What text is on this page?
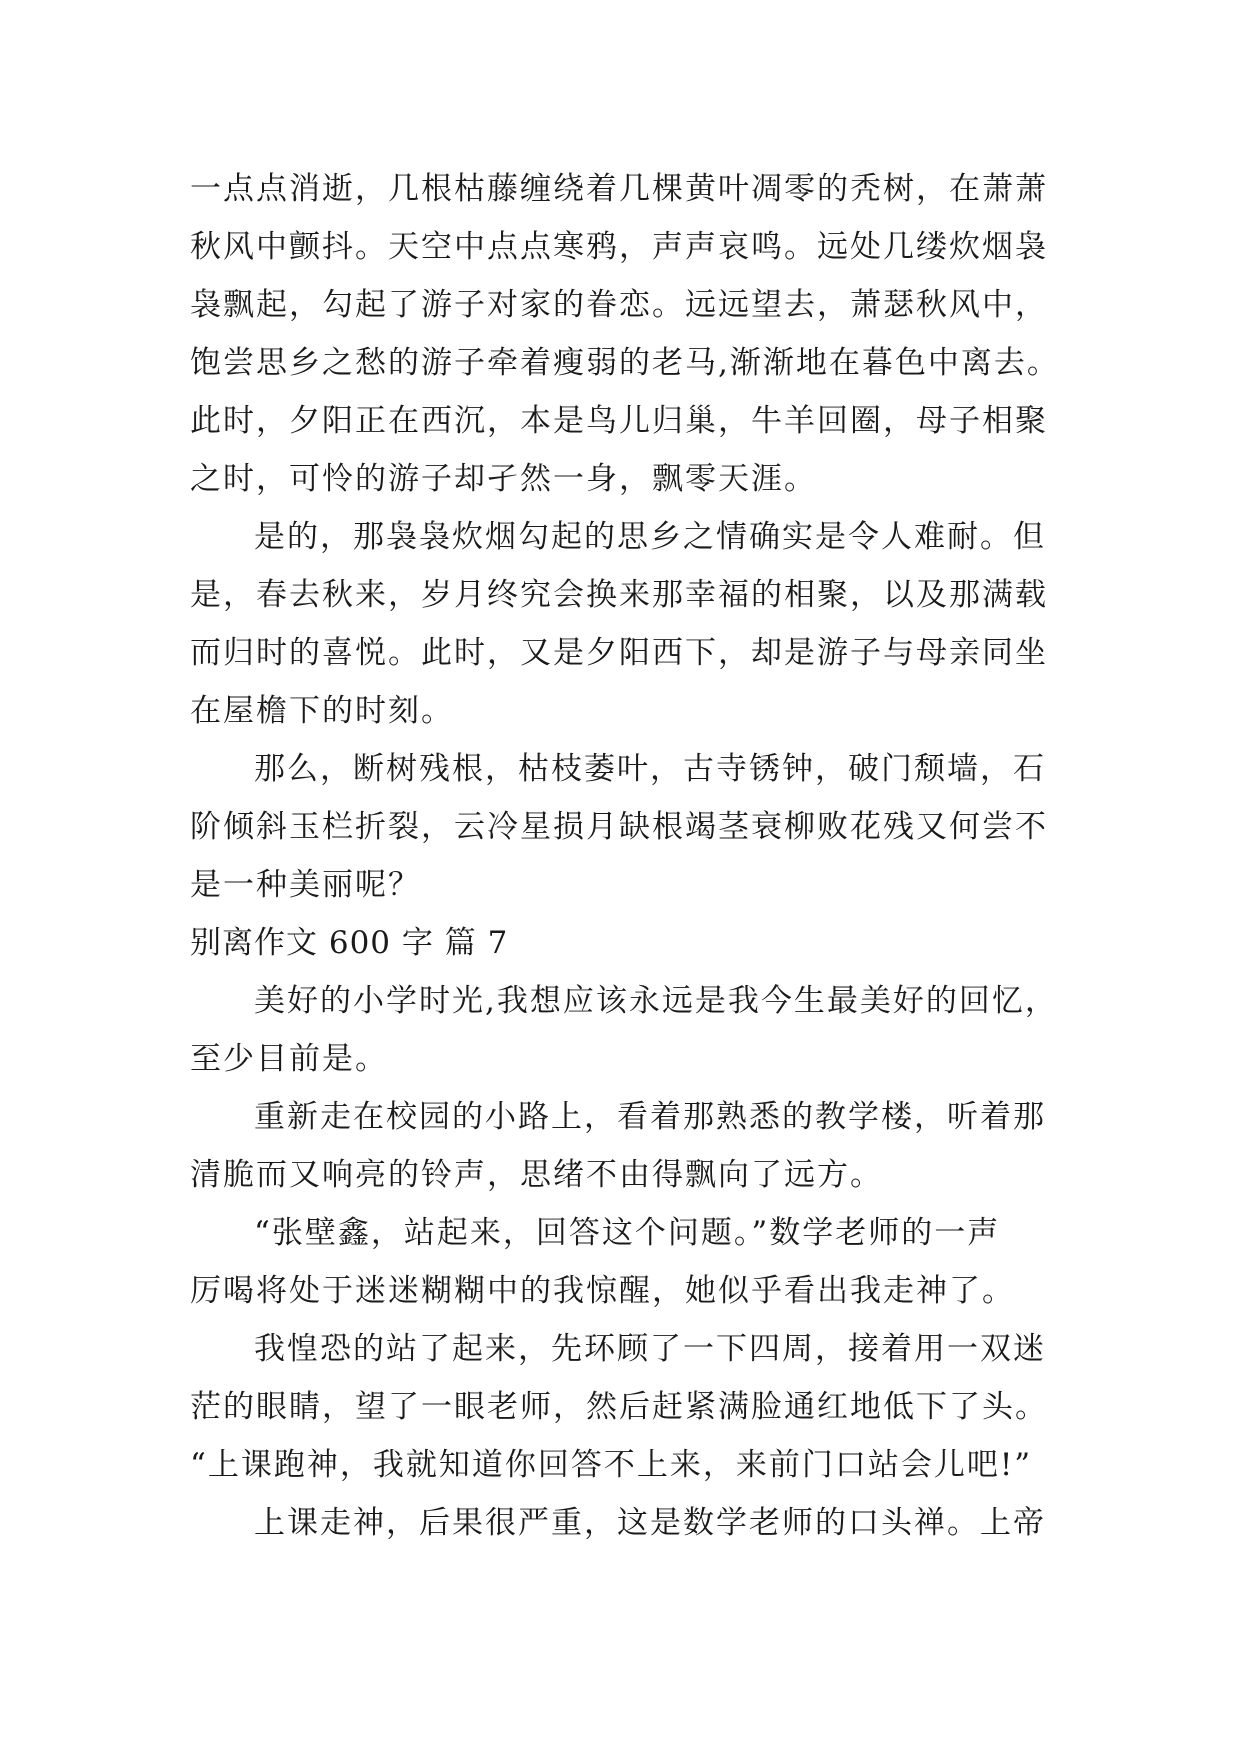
一点点消逝，几根枯藤缠绕着几棵黄叶凋零的秃树，在萧萧
秋风中颤抖。天空中点点寒鸦，声声哀鸣。远处几缕炊烟袅
袅飘起，勾起了游子对家的眷恋。远远望去，萧瑟秋风中，
饱尝思乡之愁的游子牵着瘦弱的老马,渐渐地在暮色中离去。
此时，夕阳正在西沉，本是鸟儿归巢，牛羊回圈，母子相聚
之时，可怜的游子却孑然一身，飘零天涯。
是的，那袅袅炊烟勾起的思乡之情确实是令人难耐。但
是，春去秋来，岁月终究会换来那幸福的相聚，以及那满载
而归时的喜悦。此时，又是夕阳西下，却是游子与母亲同坐
在屋檐下的时刻。
那么，断树残根，枯枝萎叶，古寺锈钟，破门颓墙，石
阶倾斜玉栏折裂，云冷星损月缺根竭茎衰柳败花残又何尝不
是一种美丽呢？
别离作文 600 字 篇 7
美好的小学时光,我想应该永远是我今生最美好的回忆，
至少目前是。
重新走在校园的小路上，看着那熟悉的教学楼，听着那
清脆而又响亮的铃声，思绪不由得飘向了远方。
“张壁鑫，站起来，回答这个问题。”数学老师的一声
厉喝将处于迷迷糊糊中的我惊醒，她似乎看出我走神了。
我惶恐的站了起来，先环顾了一下四周，接着用一双迷
茫的眼睛，望了一眼老师，然后赶紧满脸通红地低下了头。
“上课跑神，我就知道你回答不上来，来前门口站会儿吧!”
上课走神，后果很严重，这是数学老师的口头禅。上帝
